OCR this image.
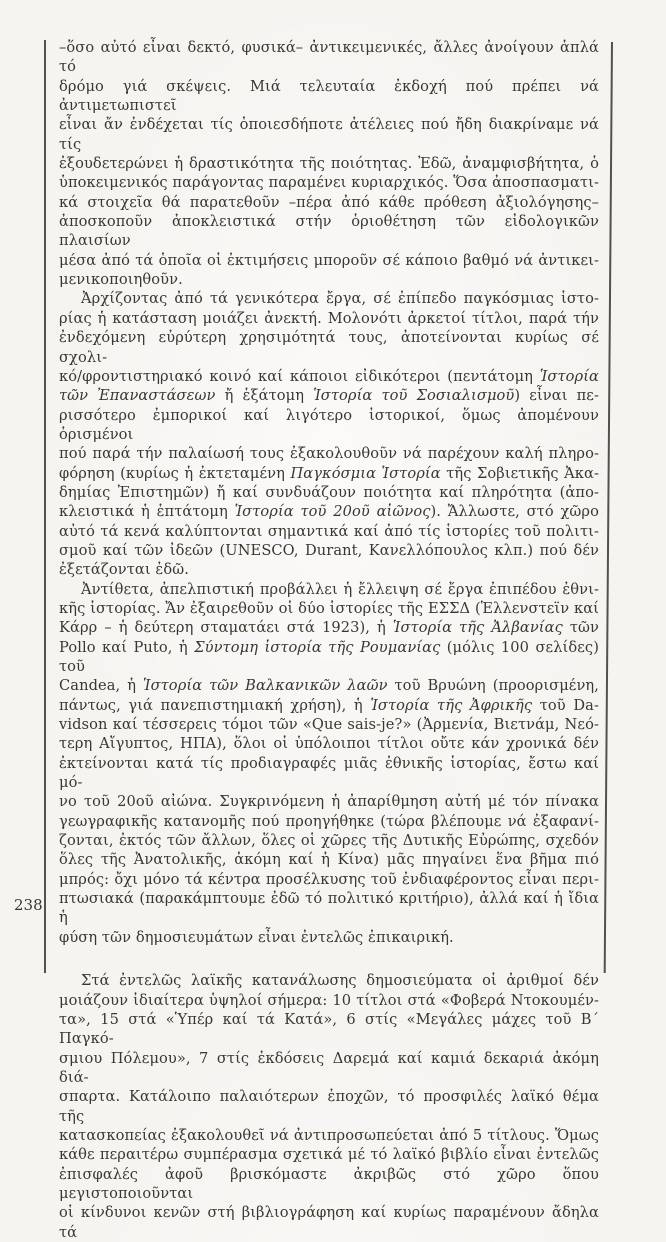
238
–ὅσο αὐτό εἶναι δεκτό, φυσικά– ἀντικειμενικές, ἄλλες ἀνοίγουν ἁπλά τό
δρόμο γιά σκέψεις. Μιά τελευταία ἐκδοχή πού πρέπει νά ἀντιμετωπιστεῖ
εἶναι ἄν ἐνδέχεται τίς ὁποιεσδήποτε ἀτέλειες πού ἤδη διακρίναμε νά τίς
ἐξουδετερώνει ἡ δραστικότητα τῆς ποιότητας. Ἐδῶ, ἀναμφισβήτητα, ὁ
ὑποκειμενικός παράγοντας παραμένει κυριαρχικός. Ὅσα ἀποσπασματι-
κά στοιχεῖα θά παρατεθοῦν –πέρα ἀπό κάθε πρόθεση ἀξιολόγησης–
ἀποσκοποῦν ἀποκλειστικά στήν ὁριοθέτηση τῶν εἰδολογικῶν πλαισίων
μέσα ἀπό τά ὁποῖα οἱ ἐκτιμήσεις μποροῦν σέ κάποιο βαθμό νά ἀντικει-
μενικοποιηθοῦν.
Ἀρχίζοντας ἀπό τά γενικότερα ἔργα, σέ ἐπίπεδο παγκόσμιας ἱστο-
ρίας ἡ κατάσταση μοιάζει ἀνεκτή. Μολονότι ἀρκετοί τίτλοι, παρά τήν
ἐνδεχόμενη εὐρύτερη χρησιμότητά τους, ἀποτείνονται κυρίως σέ σχολι-
κό/φροντιστηριακό κοινό καί κάποιοι εἰδικότεροι (πεντάτομη Ἱστορία
τῶν Ἐπαναστάσεων ἤ ἑξάτομη Ἱστορία τοῦ Σοσιαλισμοῦ) εἶναι πε-
ρισσότερο ἐμπορικοί καί λιγότερο ἱστορικοί, ὅμως ἀπομένουν ὁρισμένοι
πού παρά τήν παλαίωσή τους ἐξακολουθοῦν νά παρέχουν καλή πληρο-
φόρηση (κυρίως ἡ ἐκτεταμένη Παγκόσμια Ἱστορία τῆς Σοβιετικῆς Ἀκα-
δημίας Ἐπιστημῶν) ἤ καί συνδυάζουν ποιότητα καί πληρότητα (ἀπο-
κλειστικά ἡ ἑπτάτομη Ἱστορία τοῦ 20οῦ αἰῶνος). Ἄλλωστε, στό χῶρο
αὐτό τά κενά καλύπτονται σημαντικά καί ἀπό τίς ἱστορίες τοῦ πολιτι-
σμοῦ καί τῶν ἰδεῶν (UNESCO, Durant, Κανελλόπουλος κλπ.) πού δέν
ἐξετάζονται ἐδῶ.
Ἀντίθετα, ἀπελπιστική προβάλλει ἡ ἔλλειψη σέ ἔργα ἐπιπέδου ἐθνι-
κῆς ἱστορίας. Ἄν ἐξαιρεθοῦν οἱ δύο ἱστορίες τῆς ΕΣΣΔ (Ἑλλενστεϊν καί
Κάρρ – ἡ δεύτερη σταματάει στά 1923), ἡ Ἱστορία τῆς Ἀλβανίας τῶν
Pollo καί Puto, ἡ Σύντομη ἱστορία τῆς Ρουμανίας (μόλις 100 σελίδες) τοῦ
Candea, ἡ Ἱστορία τῶν Βαλκανικῶν λαῶν τοῦ Βρυώνη (προορισμένη,
πάντως, γιά πανεπιστημιακή χρήση), ἡ Ἱστορία τῆς Ἀφρικῆς τοῦ Da-
vidson καί τέσσερεις τόμοι τῶν «Que sais-je?» (Ἀρμενία, Βιετνάμ, Νεό-
τερη Αἴγυπτος, ΗΠΑ), ὅλοι οἱ ὑπόλοιποι τίτλοι οὔτε κάν χρονικά δέν
ἐκτείνονται κατά τίς προδιαγραφές μιᾶς ἐθνικῆς ἱστορίας, ἔστω καί μό-
νο τοῦ 20οῦ αἰώνα. Συγκρινόμενη ἡ ἀπαρίθμηση αὐτή μέ τόν πίνακα
γεωγραφικῆς κατανομῆς πού προηγήθηκε (τώρα βλέπουμε νά ἐξαφανί-
ζονται, ἐκτός τῶν ἄλλων, ὅλες οἱ χῶρες τῆς Δυτικῆς Εὐρώπης, σχεδόν
ὅλες τῆς Ἀνατολικῆς, ἀκόμη καί ἡ Κίνα) μᾶς πηγαίνει ἕνα βῆμα πιό
μπρός: ὄχι μόνο τά κέντρα προσέλκυσης τοῦ ἐνδιαφέροντος εἶναι περι-
πτωσιακά (παρακάμπτουμε ἐδῶ τό πολιτικό κριτήριο), ἀλλά καί ἡ ἴδια ἡ
φύση τῶν δημοσιευμάτων εἶναι ἐντελῶς ἐπικαιρική.
Στά ἐντελῶς λαϊκῆς κατανάλωσης δημοσιεύματα οἱ ἀριθμοί δέν
μοιάζουν ἰδιαίτερα ὑψηλοί σήμερα: 10 τίτλοι στά «Φοβερά Ντοκουμέν-
τα», 15 στά «Ὑπέρ καί τά Κατά», 6 στίς «Μεγάλες μάχες τοῦ Β´ Παγκό-
σμιου Πόλεμου», 7 στίς ἐκδόσεις Δαρεμά καί καμιά δεκαριά ἀκόμη διά-
σπαρτα. Κατάλοιπο παλαιότερων ἐποχῶν, τό προσφιλές λαϊκό θέμα τῆς
κατασκοπείας ἐξακολουθεῖ νά ἀντιπροσωπεύεται ἀπό 5 τίτλους. Ὅμως
κάθε περαιτέρω συμπέρασμα σχετικά μέ τό λαϊκό βιβλίο εἶναι ἐντελῶς
ἐπισφαλές ἀφοῦ βρισκόμαστε ἀκριβῶς στό χῶρο ὅπου μεγιστοποιοῦνται
οἱ κίνδυνοι κενῶν στή βιβλιογράφηση καί κυρίως παραμένουν ἄδηλα τά
